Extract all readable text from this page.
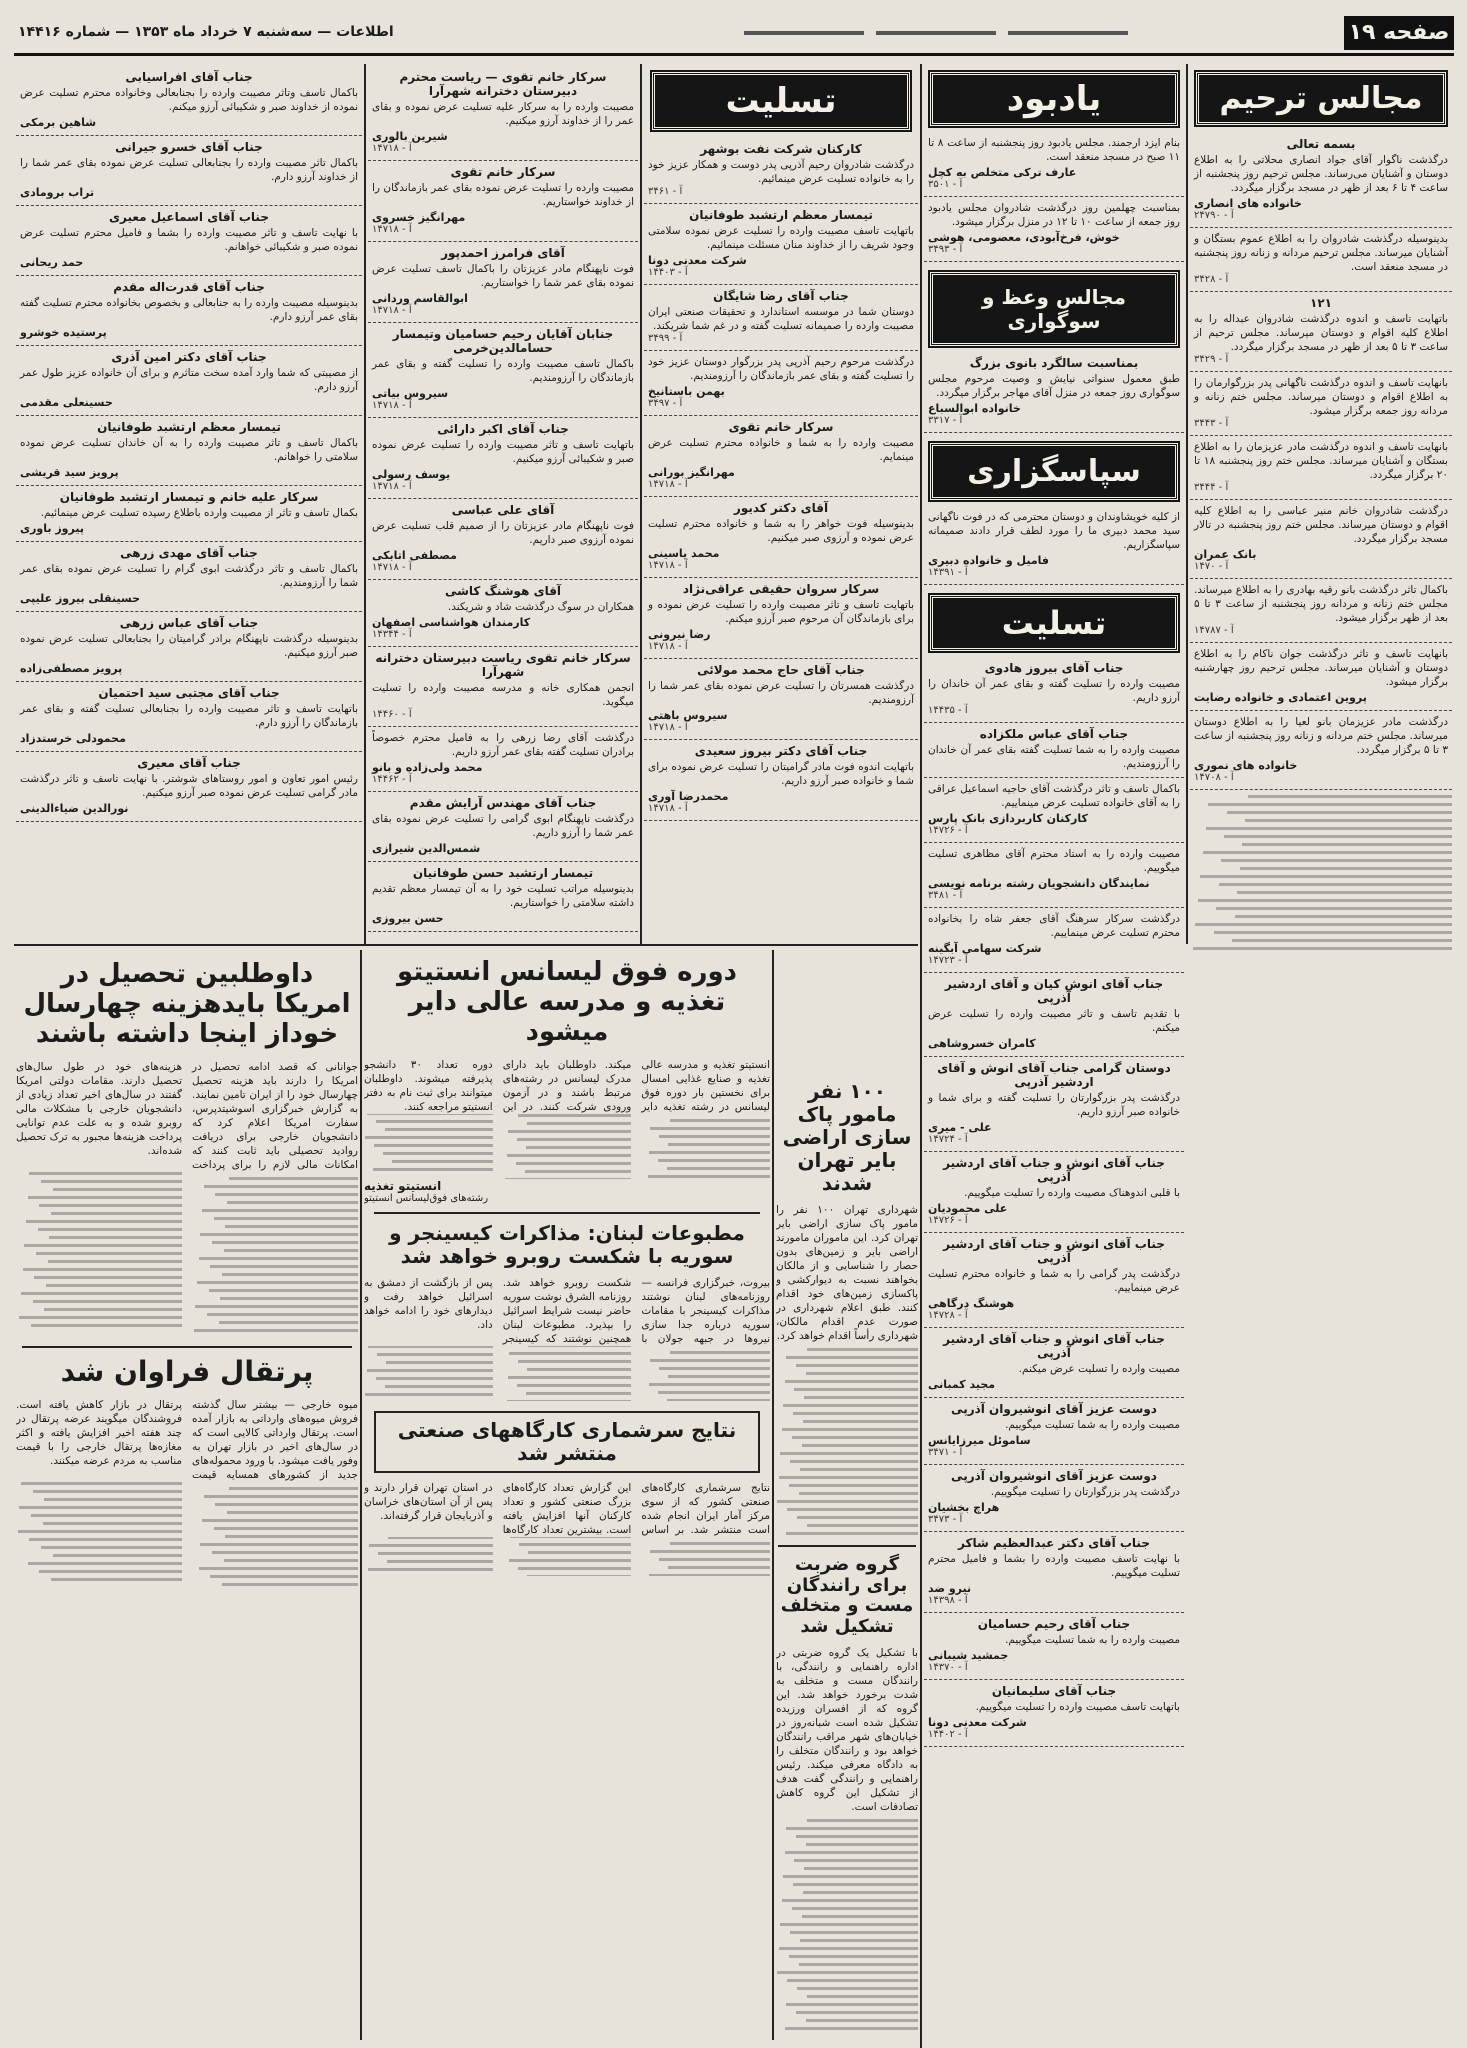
صفحه ۱۹
اطلاعات — سه‌شنبه ۷ خرداد ماه ۱۳۵۳ — شماره ۱۴۴۱۶
مجالس ترحیم
بسمه تعالی
درگذشت ناگوار آقای جواد انصاری محلاتی را به اطلاع دوستان و آشنایان می‌رساند. مجلس ترحیم روز پنجشنبه از ساعت ۴ تا ۶ بعد از ظهر در مسجد برگزار میگردد.
خانواده های انصاری
آ - ۲۴۷۹۰
بدینوسیله درگذشت شادروان را به اطلاع عموم بستگان و آشنایان میرساند. مجلس ترحیم مردانه و زنانه روز پنجشنبه در مسجد منعقد است.
آ - ۳۴۲۸
۱۲۱
باتهایت تاسف و اندوه درگذشت شادروان عبداله را به اطلاع کلیه اقوام و دوستان میرساند. مجلس ترحیم از ساعت ۳ تا ۵ بعد از ظهر در مسجد برگزار میگردد.
آ - ۳۴۲۹
بانهایت تاسف و اندوه درگذشت ناگهانی پدر بزرگوارمان را به اطلاع اقوام و دوستان میرساند. مجلس ختم زنانه و مردانه روز جمعه برگزار میشود.
آ - ۳۴۴۳
بانهایت تاسف و اندوه درگذشت مادر عزیزمان را به اطلاع بستگان و آشنایان میرساند. مجلس ختم روز پنجشنبه ۱۸ تا ۲۰ برگزار میگردد.
آ - ۳۴۴۴
درگذشت شادروان خانم منیر عباسی را به اطلاع کلیه اقوام و دوستان میرساند. مجلس ختم روز پنجشنبه در تالار مسجد برگزار میگردد.
بانک عمران
آ - ۱۴۷۰
باکمال تاثر درگذشت بانو رقیه بهادری را به اطلاع میرساند. مجلس ختم زنانه و مردانه روز پنجشنبه از ساعت ۳ تا ۵ بعد از ظهر برگزار میشود.
آ - ۱۴۷۸۷
بانهایت تاسف و تاثر درگذشت جوان ناکام را به اطلاع دوستان و آشنایان میرساند. مجلس ترحیم روز چهارشنبه برگزار میشود.
پروین اعتمادی و خانواده رضایت
درگذشت مادر عزیزمان بانو لعیا را به اطلاع دوستان میرساند. مجلس ختم مردانه و زنانه روز پنجشنبه از ساعت ۳ تا ۵ برگزار میگردد.
خانواده های نموری
آ - ۱۴۷۰۸
یادبود
بنام ایزد ارجمند. مجلس یادبود روز پنجشنبه از ساعت ۸ تا ۱۱ صبح در مسجد منعقد است.
عارف ترکی متخلص به کچل
آ - ۳۵۰۱
بمناسبت چهلمین روز درگذشت شادروان مجلس یادبود روز جمعه از ساعت ۱۰ تا ۱۲ در منزل برگزار میشود.
خوش، فرخ‌آبودی، معصومی، هوشی
آ - ۳۴۹۳
مجالس وعظ و سوگواری
بمناسبت سالگرد بانوی بزرگ
طبق معمول سنواتی نیایش و وصیت مرحوم مجلس سوگواری روز جمعه در منزل آقای مهاجر برگزار میگردد.
خانواده ابوالسباع
آ - ۳۳۱۷
سپاسگزاری
از کلیه خویشاوندان و دوستان محترمی که در فوت ناگهانی سید محمد دبیری ما را مورد لطف قرار دادند صمیمانه سپاسگزاریم.
فامیل و خانواده دبیری
آ - ۱۴۳۹۱
تسلیت
جناب آقای بیروز هادوی
مصیبت وارده را تسلیت گفته و بقای عمر آن خاندان را آرزو داریم.
آ - ۱۴۴۳۵
جناب آقای عباس ملکزاده
مصیبت وارده را به شما تسلیت گفته بقای عمر آن خاندان را آرزومندیم.
باکمال تاسف و تاثر درگذشت آقای حاجیه اسماعیل عراقی را به آقای خانواده تسلیت عرض مینماییم.
کارکنان کاربردازی بانک پارس
آ - ۱۴۷۲۶
مصیبت وارده را به استاد محترم آقای مظاهری تسلیت میگوییم.
نمایندگان دانشجویان رشته برنامه نویسی
آ - ۳۴۸۱
درگذشت سرکار سرهنگ آقای جعفر شاه را بخانواده محترم تسلیت عرض مینماییم.
شرکت سهامی آبگینه
آ - ۱۴۷۲۳
جناب آقای انوش کیان و آقای اردشیر آذرپی
با تقدیم تاسف و تاثر مصیبت وارده را تسلیت عرض میکنم.
کامران خسروشاهی
دوستان گرامی جناب آقای انوش و آقای اردشیر آذرپی
درگذشت پدر بزرگوارتان را تسلیت گفته و برای شما و خانواده صبر آرزو داریم.
علی - میری
آ - ۱۴۷۲۴
جناب آقای انوش و جناب آقای اردشیر آذرپی
با قلبی اندوهناک مصیبت وارده را تسلیت میگوییم.
علی محمودیان
آ - ۱۴۷۲۶
جناب آقای انوش و جناب آقای اردشیر آذرپی
درگذشت پدر گرامی را به شما و خانواده محترم تسلیت عرض مینماییم.
هوشنگ درگاهی
آ - ۱۴۷۲۸
جناب آقای انوش و جناب آقای اردشیر آذرپی
مصیبت وارده را تسلیت عرض میکنم.
مجید کمبانی
دوست عزیز آقای انوشیروان آذرپی
مصیبت وارده را به شما تسلیت میگوییم.
ساموئل میرزایانس
آ - ۳۴۷۱
دوست عزیز آقای انوشیروان آذرپی
درگذشت پدر بزرگوارتان را تسلیت میگوییم.
هراچ بخشیان
آ - ۳۴۷۳
جناب آقای دکتر عبدالعظیم شاکر
با نهایت تاسف مصیبت وارده را بشما و فامیل محترم تسلیت میگوییم.
نیرو ضد
آ - ۱۴۳۹۸
جناب آقای رحیم حسامیان
مصیبت وارده را به شما تسلیت میگوییم.
جمشید شیبانی
آ - ۱۴۳۷۰
جناب آقای سلیمانیان
باتهایت تاسف مصیبت وارده را تسلیت میگوییم.
شرکت معدنی دونا
آ - ۱۴۴۰۲
تسلیت
کارکنان شرکت نفت بوشهر
درگذشت شادروان رحیم آذرپی پدر دوست و همکار عزیز خود را به خانواده تسلیت عرض مینمائیم.
آ - ۳۴۶۱
تیمسار معظم ارتشبد طوفانیان
باتهایت تاسف مصیبت وارده را تسلیت عرض نموده سلامتی وجود شریف را از خداوند منان مسئلت مینمائیم.
شرکت معدنی دونا
آ - ۱۴۴۰۳
جناب آقای رضا شایگان
دوستان شما در موسسه استاندارد و تحقیقات صنعتی ایران مصیبت وارده را صمیمانه تسلیت گفته و در غم شما شریکند.
آ - ۳۴۹۹
درگذشت مرحوم رحیم آذرپی پدر بزرگوار دوستان عزیز خود را تسلیت گفته و بقای عمر بازماندگان را آرزومندیم.
بهمن باستانیخ
آ - ۳۴۹۷
سرکار خانم تقوی
مصیبت وارده را به شما و خانواده محترم تسلیت عرض مینمایم.
مهرانگیز بورانی
آ - ۱۴۷۱۸
آقای دکتر کدیور
بدینوسیله فوت خواهر را به شما و خانواده محترم تسلیت عرض نموده و آرزوی صبر میکنیم.
محمد یاسینی
آ - ۱۴۷۱۸
سرکار سروان حقیقی عراقی‌نژاد
باتهایت تاسف و تاثر مصیبت وارده را تسلیت عرض نموده و برای بازماندگان آن مرحوم صبر آرزو میکنم.
رضا نیرونی
آ - ۱۴۷۱۸
جناب آقای حاج محمد مولائی
درگذشت همسرتان را تسلیت عرض نموده بقای عمر شما را آرزومندیم.
سیروس باهتی
آ - ۱۴۷۱۸
جناب آقای دکتر بیروز سعیدی
باتهایت اندوه فوت مادر گرامیتان را تسلیت عرض نموده برای شما و خانواده صبر آرزو داریم.
محمدرضا آوری
آ - ۱۴۷۱۸
سرکار خانم تقوی — ریاست محترم دبیرستان دخترانه شهرآرا
مصیبت وارده را به سرکار علیه تسلیت عرض نموده و بقای عمر را از خداوند آرزو میکنیم.
شیرین بالوری
آ - ۱۴۷۱۸
سرکار خانم تقوی
مصیبت وارده را تسلیت عرض نموده بقای عمر بازماندگان را از خداوند خواستاریم.
مهرانگیز خسروی
آ - ۱۴۷۱۸
آقای فرامرز احمدپور
فوت ناپهنگام مادر عزیزتان را باکمال تاسف تسلیت عرض نموده بقای عمر شما را خواستاریم.
ابوالقاسم وردانی
آ - ۱۴۷۱۸
جنابان آقایان رحیم حسامیان وتیمسار حسامالدین‌خرمی
باکمال تاسف مصیبت وارده را تسلیت گفته و بقای عمر بازماندگان را آرزومندیم.
سیروس بیاتی
آ - ۱۴۷۱۸
جناب آقای اکبر دارائی
باتهایت تاسف و تاثر مصیبت وارده را تسلیت عرض نموده صبر و شکیبائی آرزو میکنیم.
یوسف رسولی
آ - ۱۴۷۱۸
آقای علی عباسی
فوت ناپهنگام مادر عزیزتان را از صمیم قلب تسلیت عرض نموده آرزوی صبر داریم.
مصطفی اتابکی
آ - ۱۴۷۱۸
آقای هوشنگ کاشی
همکاران در سوگ درگذشت شاد و شریکند.
کارمندان هواشناسی اصفهان
آ - ۱۴۳۴۴
سرکار خانم تقوی ریاست دبیرستان دخترانه شهرآرا
انجمن همکاری خانه و مدرسه مصیبت وارده را تسلیت میگوید.
آ - ۱۴۴۶۰
درگذشت آقای رضا زرهی را به فامیل محترم خصوصاً برادران تسلیت گفته بقای عمر آرزو داریم.
محمد ولی‌زاده و بانو
آ - ۱۴۴۶۲
جناب آقای مهندس آرایش مقدم
درگذشت ناپهنگام ابوی گرامی را تسلیت عرض نموده بقای عمر شما را آرزو داریم.
شمس‌الدین شیرازی
تیمسار ارتشبد حسن طوفانیان
بدینوسیله مراتب تسلیت خود را به آن تیمسار معظم تقدیم داشته سلامتی را خواستاریم.
حسن بیروزی
جناب آقای افراسیابی
باکمال تاسف وتاثر مصیبت وارده را بجنابعالی وخانواده محترم تسلیت عرض نموده از خداوند صبر و شکیبائی آرزو میکنم.
شاهین برمکی
جناب آقای خسرو جیرانی
باکمال تاثر مصیبت وارده را بجنابعالی تسلیت عرض نموده بقای عمر شما را از خداوند آرزو دارم.
تراب برومادی
جناب آقای اسماعیل معیری
با نهایت تاسف و تاثر مصیبت وارده را بشما و فامیل محترم تسلیت عرض نموده صبر و شکیبائی خواهانم.
حمد ریحانی
جناب آقای قدرت‌اله مقدم
بدینوسیله مصیبت وارده را به جنابعالی و بخصوص بخانواده محترم تسلیت گفته بقای عمر آرزو دارم.
پرستیده خوشرو
جناب آقای دکتر امین آذری
از مصیبتی که شما وارد آمده سخت متاثرم و برای آن خانواده عزیز طول عمر آرزو دارم.
حسینعلی مقدمی
تیمسار معظم ارتشبد طوفانیان
باکمال تاسف و تاثر مصیبت وارده را به آن خاندان تسلیت عرض نموده سلامتی را خواهانم.
پرویز سید قریشی
سرکار علیه خانم و تیمسار ارتشبد طوفانیان
بکمال تاسف و تاثر از مصیبت وارده باطلاع رسیده تسلیت عرض مینمائیم.
پیروز باوری
جناب آقای مهدی زرهی
باکمال تاسف و تاثر درگذشت ابوی گرام را تسلیت عرض نموده بقای عمر شما را آرزومندیم.
حسینقلی بیروز علیپی
جناب آقای عباس زرهی
بدینوسیله درگذشت ناپهنگام برادر گرامیتان را بجنابعالی تسلیت عرض نموده صبر آرزو میکنیم.
پرویز مصطفی‌زاده
جناب آقای مجتبی سید احتمیان
باتهایت تاسف و تاثر مصیبت وارده را بجنابعالی تسلیت گفته و بقای عمر بازماندگان را آرزو دارم.
محمودلی خرستدزاد
جناب آقای معیری
رئیس امور تعاون و امور روستاهای شوشتر. با نهایت تاسف و تاثر درگذشت مادر گرامی تسلیت عرض نموده صبر آرزو میکنیم.
نورالدین ضیاءالدینی
۱۰۰ نفر مامور پاک سازی اراضی بایر تهران شدند
شهرداری تهران ۱۰۰ نفر را مامور پاک سازی اراضی بایر تهران کرد. این ماموران مامورند اراضی بایر و زمین‌های بدون حصار را شناسایی و از مالکان بخواهند نسبت به دیوارکشی و پاکسازی زمین‌های خود اقدام کنند. طبق اعلام شهرداری در صورت عدم اقدام مالکان، شهرداری رأساً اقدام خواهد کرد.
گروه ضربت برای رانندگان مست و متخلف تشکیل شد
با تشکیل یک گروه ضربتی در اداره راهنمایی و رانندگی، با رانندگان مست و متخلف به شدت برخورد خواهد شد. این گروه که از افسران ورزیده تشکیل شده است شبانه‌روز در خیابان‌های شهر مراقب رانندگان خواهد بود و رانندگان متخلف را به دادگاه معرفی میکند. رئیس راهنمایی و رانندگی گفت هدف از تشکیل این گروه کاهش تصادفات است.
دوره فوق لیسانس انستیتو تغذیه و مدرسه عالی دایر میشود
انستیتو تغذیه و مدرسه عالی تغذیه و صنایع غذایی امسال برای نخستین بار دوره فوق لیسانس در رشته تغذیه دایر میکند. داوطلبان باید دارای مدرک لیسانس در رشته‌های مرتبط باشند و در آزمون ورودی شرکت کنند. در این دوره تعداد ۳۰ دانشجو پذیرفته میشوند. داوطلبان میتوانند برای ثبت نام به دفتر انستیتو مراجعه کنند.
انستیتو تغذیه
رشته‌های فوق‌لیسانس انستیتو
مطبوعات لبنان: مذاکرات کیسینجر و سوریه با شکست روبرو خواهد شد
بیروت، خبرگزاری فرانسه — روزنامه‌های لبنان نوشتند مذاکرات کیسینجر با مقامات سوریه درباره جدا سازی نیروها در جبهه جولان با شکست روبرو خواهد شد. روزنامه الشرق نوشت سوریه حاضر نیست شرایط اسرائیل را بپذیرد. مطبوعات لبنان همچنین نوشتند که کیسینجر پس از بازگشت از دمشق به اسرائیل خواهد رفت و دیدارهای خود را ادامه خواهد داد.
نتایج سرشماری کارگاههای صنعتی منتشر شد
نتایج سرشماری کارگاه‌های صنعتی کشور که از سوی مرکز آمار ایران انجام شده است منتشر شد. بر اساس این گزارش تعداد کارگاه‌های بزرگ صنعتی کشور و تعداد کارکنان آنها افزایش یافته است. بیشترین تعداد کارگاه‌ها در استان تهران قرار دارند و پس از آن استان‌های خراسان و آذربایجان قرار گرفته‌اند.
داوطلبین تحصیل در امریکا بایدهزینه چهارسال خوداز اینجا داشته باشند
جوانانی که قصد ادامه تحصیل در امریکا را دارند باید هزینه تحصیل چهارسال خود را از ایران تامین نمایند. به گزارش خبرگزاری اسوشیتدپرس، سفارت امریکا اعلام کرد که دانشجویان خارجی برای دریافت روادید تحصیلی باید ثابت کنند که امکانات مالی لازم را برای پرداخت هزینه‌های خود در طول سال‌های تحصیل دارند. مقامات دولتی امریکا گفتند در سال‌های اخیر تعداد زیادی از دانشجویان خارجی با مشکلات مالی روبرو شده و به علت عدم توانایی پرداخت هزینه‌ها مجبور به ترک تحصیل شده‌اند.
پرتقال فراوان شد
میوه خارجی — بیشتر سال گذشته فروش میوه‌های وارداتی به بازار آمده است. پرتقال وارداتی کالایی است که در سال‌های اخیر در بازار تهران به وفور یافت میشود. با ورود محموله‌های جدید از کشورهای همسایه قیمت پرتقال در بازار کاهش یافته است. فروشندگان میگویند عرضه پرتقال در چند هفته اخیر افزایش یافته و اکثر مغازه‌ها پرتقال خارجی را با قیمت مناسب به مردم عرضه میکنند.
